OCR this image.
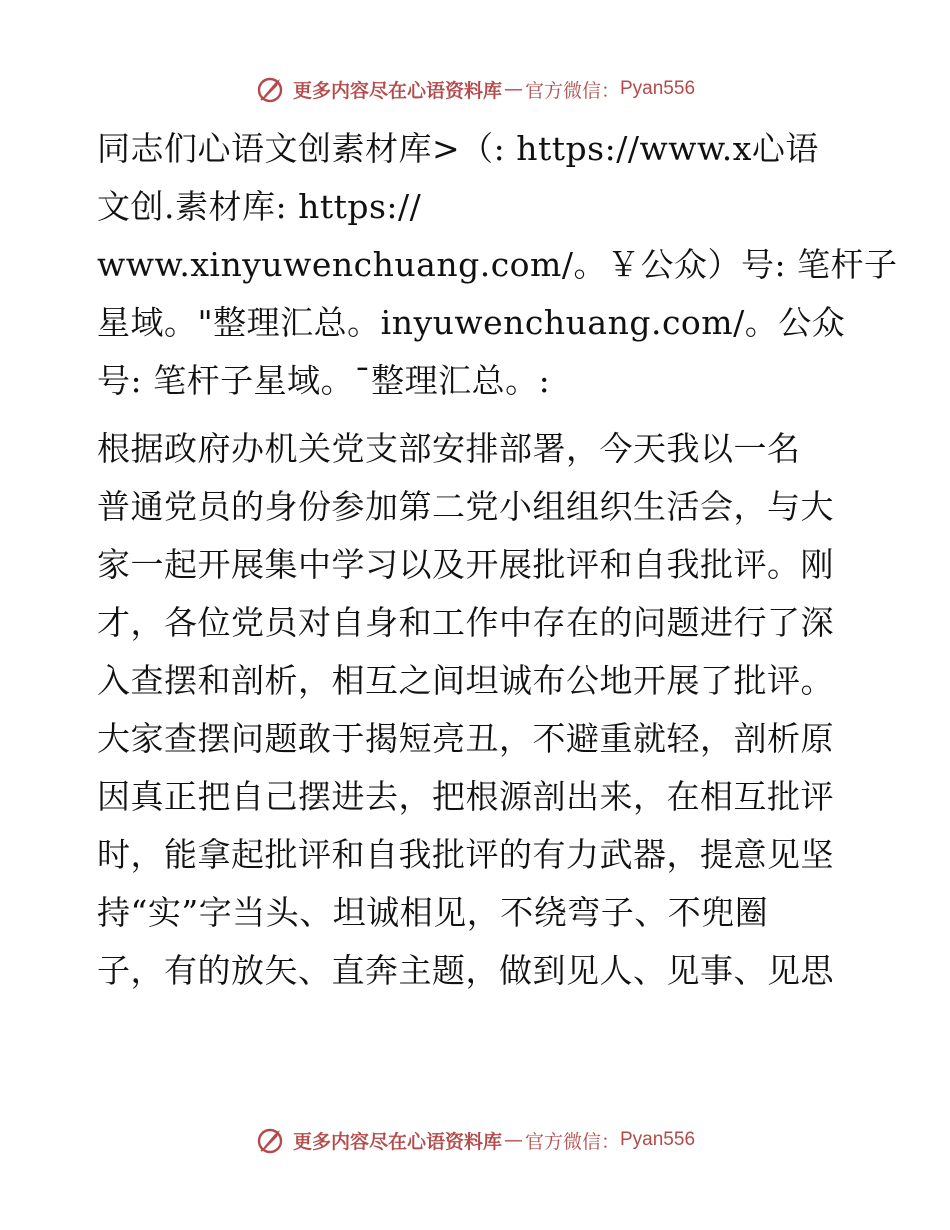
更多内容尽在心语资料库 — 官方微信： Pyan556
同志们心语文创素材库>（: https://www.x心语
文创.素材库: https://
www.xinyuwenchuang.com/。￥公众）号: 笔杆子
星域。"整理汇总。inyuwenchuang.com/。公众
号: 笔杆子星域。¯整理汇总。:
根据政府办机关党支部安排部署，今天我以一名
普通党员的身份参加第二党小组组织生活会，与大
家一起开展集中学习以及开展批评和自我批评。刚
才，各位党员对自身和工作中存在的问题进行了深
入查摆和剖析，相互之间坦诚布公地开展了批评。
大家查摆问题敢于揭短亮丑，不避重就轻，剖析原
因真正把自己摆进去，把根源剖出来，在相互批评
时，能拿起批评和自我批评的有力武器，提意见坚
持“实”字当头、坦诚相见，不绕弯子、不兜圈
子，有的放矢、直奔主题，做到见人、见事、见思
更多内容尽在心语资料库 — 官方微信： Pyan556
